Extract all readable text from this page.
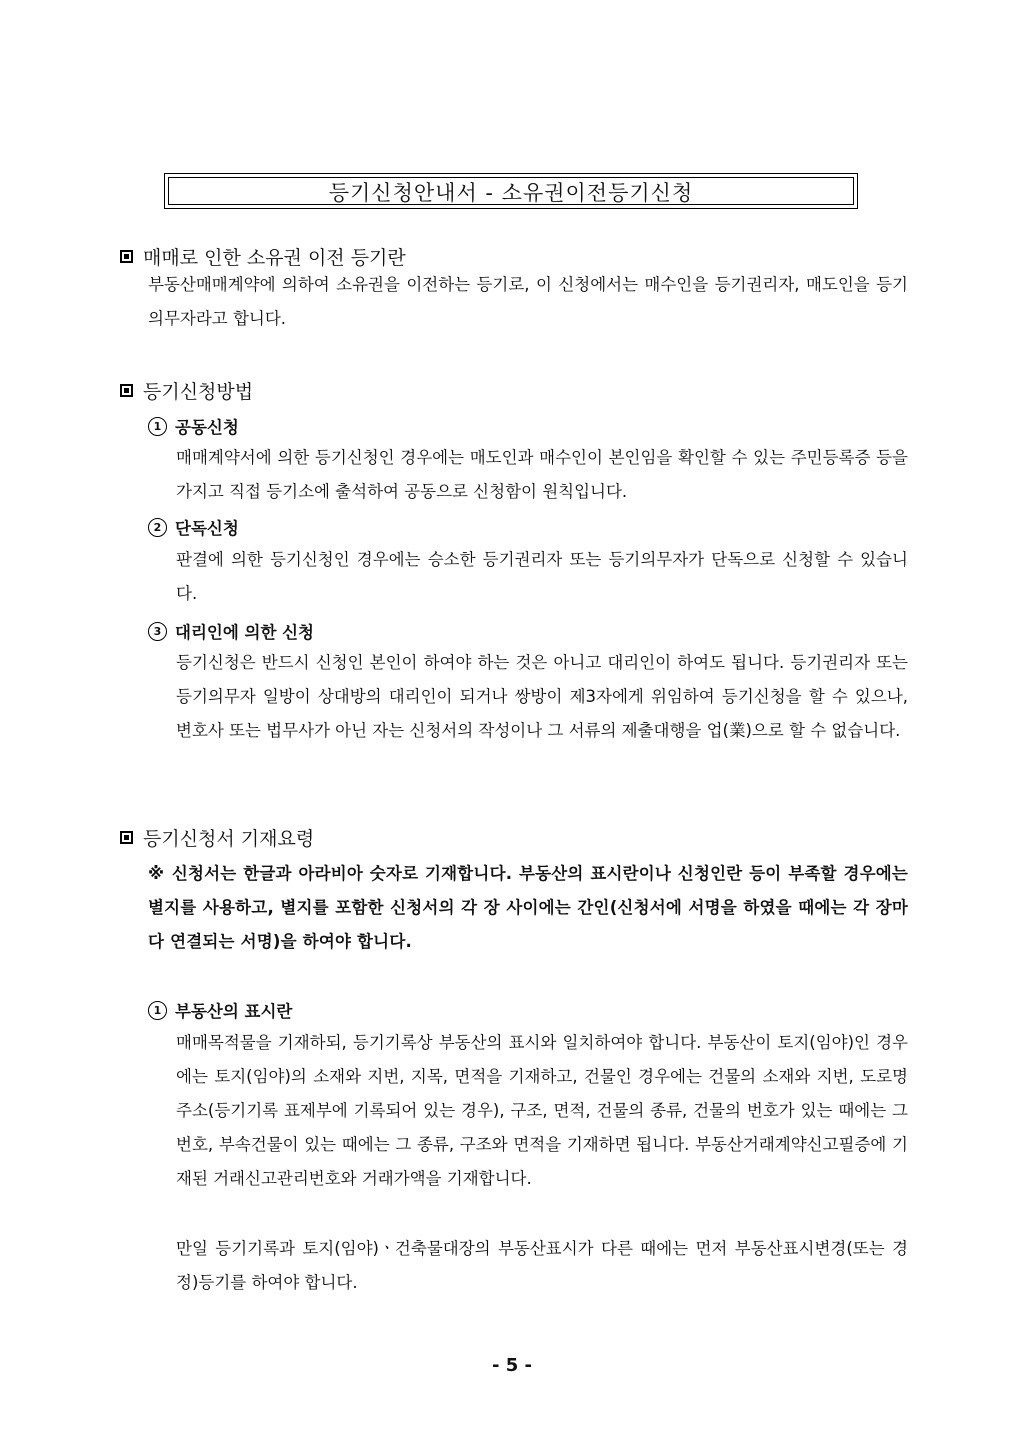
등기신청안내서 - 소유권이전등기신청
매매로 인한 소유권 이전 등기란
부동산매매계약에 의하여 소유권을 이전하는 등기로, 이 신청에서는 매수인을 등기권리자, 매도인을 등기의무자라고 합니다.
등기신청방법
1 공동신청
매매계약서에 의한 등기신청인 경우에는 매도인과 매수인이 본인임을 확인할 수 있는 주민등록증 등을 가지고 직접 등기소에 출석하여 공동으로 신청함이 원칙입니다.
2 단독신청
판결에 의한 등기신청인 경우에는 승소한 등기권리자 또는 등기의무자가 단독으로 신청할 수 있습니다.
3 대리인에 의한 신청
등기신청은 반드시 신청인 본인이 하여야 하는 것은 아니고 대리인이 하여도 됩니다. 등기권리자 또는 등기의무자 일방이 상대방의 대리인이 되거나 쌍방이 제3자에게 위임하여 등기신청을 할 수 있으나, 변호사 또는 법무사가 아닌 자는 신청서의 작성이나 그 서류의 제출대행을 업(業)으로 할 수 없습니다.
등기신청서 기재요령
※ 신청서는 한글과 아라비아 숫자로 기재합니다. 부동산의 표시란이나 신청인란 등이 부족할 경우에는 별지를 사용하고, 별지를 포함한 신청서의 각 장 사이에는 간인(신청서에 서명을 하였을 때에는 각 장마다 연결되는 서명)을 하여야 합니다.
1 부동산의 표시란
매매목적물을 기재하되, 등기기록상 부동산의 표시와 일치하여야 합니다. 부동산이 토지(임야)인 경우에는 토지(임야)의 소재와 지번, 지목, 면적을 기재하고, 건물인 경우에는 건물의 소재와 지번, 도로명주소(등기기록 표제부에 기록되어 있는 경우), 구조, 면적, 건물의 종류, 건물의 번호가 있는 때에는 그 번호, 부속건물이 있는 때에는 그 종류, 구조와 면적을 기재하면 됩니다. 부동산거래계약신고필증에 기재된 거래신고관리번호와 거래가액을 기재합니다.
만일 등기기록과 토지(임야)ㆍ건축물대장의 부동산표시가 다른 때에는 먼저 부동산표시변경(또는 경정)등기를 하여야 합니다.
- 5 -
